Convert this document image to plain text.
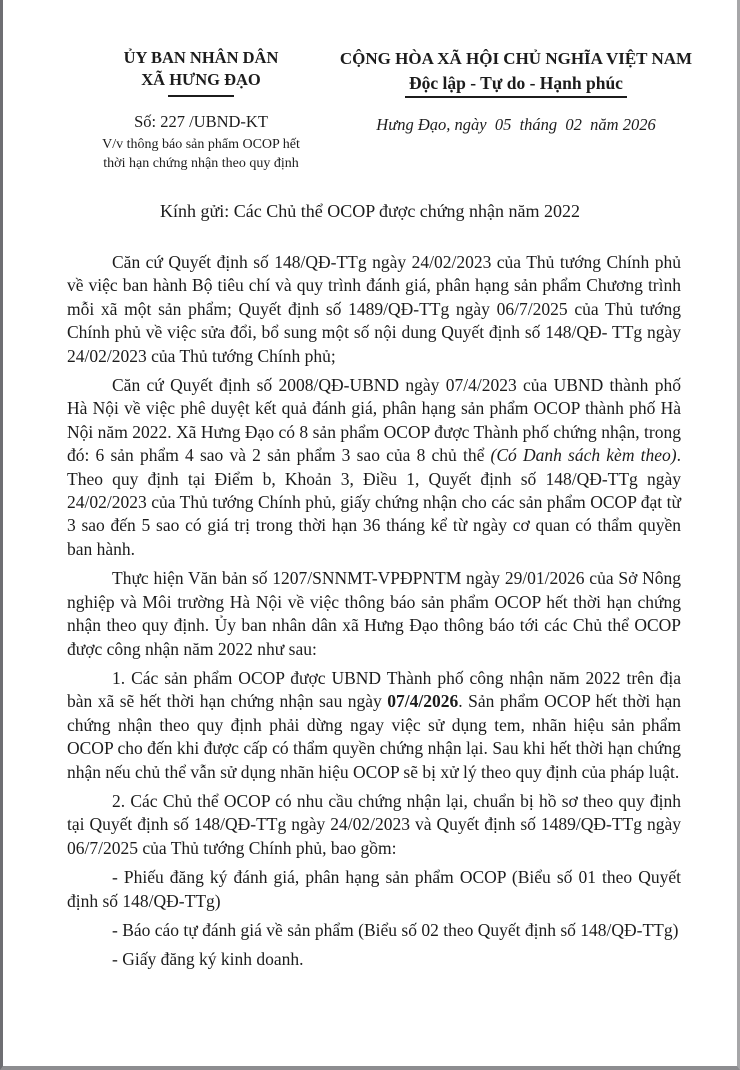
ỦY BAN NHÂN DÂN
XÃ HƯNG ĐẠO
Số: 227 /UBND-KT
V/v thông báo sản phẩm OCOP hết
thời hạn chứng nhận theo quy định
CỘNG HÒA XÃ HỘI CHỦ NGHĨA VIỆT NAM
Độc lập - Tự do - Hạnh phúc
Hưng Đạo, ngày  05  tháng  02  năm 2026
Kính gửi: Các Chủ thể OCOP được chứng nhận năm 2022

Căn cứ Quyết định số 148/QĐ-TTg ngày 24/02/2023 của Thủ tướng Chính phủ về việc ban hành Bộ tiêu chí và quy trình đánh giá, phân hạng sản phẩm Chương trình mỗi xã một sản phẩm; Quyết định số 1489/QĐ-TTg ngày 06/7/2025 của Thủ tướng Chính phủ về việc sửa đổi, bổ sung một số nội dung Quyết định số 148/QĐ- TTg ngày 24/02/2023 của Thủ tướng Chính phủ;

Căn cứ Quyết định số 2008/QĐ-UBND ngày 07/4/2023 của UBND thành phố Hà Nội về việc phê duyệt kết quả đánh giá, phân hạng sản phẩm OCOP thành phố Hà Nội năm 2022. Xã Hưng Đạo có 8 sản phẩm OCOP được Thành phố chứng nhận, trong đó: 6 sản phẩm 4 sao và 2 sản phẩm 3 sao của 8 chủ thể (Có Danh sách kèm theo). Theo quy định tại Điểm b, Khoản 3, Điều 1, Quyết định số 148/QĐ-TTg ngày 24/02/2023 của Thủ tướng Chính phủ, giấy chứng nhận cho các sản phẩm OCOP đạt từ 3 sao đến 5 sao có giá trị trong thời hạn 36 tháng kể từ ngày cơ quan có thẩm quyền ban hành.

Thực hiện Văn bản số 1207/SNNMT-VPĐPNTM ngày 29/01/2026 của Sở Nông nghiệp và Môi trường Hà Nội về việc thông báo sản phẩm OCOP hết thời hạn chứng nhận theo quy định. Ủy ban nhân dân xã Hưng Đạo thông báo tới các Chủ thể OCOP được công nhận năm 2022 như sau:

1. Các sản phẩm OCOP được UBND Thành phố công nhận năm 2022 trên địa bàn xã sẽ hết thời hạn chứng nhận sau ngày 07/4/2026. Sản phẩm OCOP hết thời hạn chứng nhận theo quy định phải dừng ngay việc sử dụng tem, nhãn hiệu sản phẩm OCOP cho đến khi được cấp có thẩm quyền chứng nhận lại. Sau khi hết thời hạn chứng nhận nếu chủ thể vẫn sử dụng nhãn hiệu OCOP sẽ bị xử lý theo quy định của pháp luật.

2. Các Chủ thể OCOP có nhu cầu chứng nhận lại, chuẩn bị hồ sơ theo quy định tại Quyết định số 148/QĐ-TTg ngày 24/02/2023 và Quyết định số 1489/QĐ-TTg ngày 06/7/2025 của Thủ tướng Chính phủ, bao gồm:

- Phiếu đăng ký đánh giá, phân hạng sản phẩm OCOP (Biểu số 01 theo Quyết định số 148/QĐ-TTg)

- Báo cáo tự đánh giá về sản phẩm (Biểu số 02 theo Quyết định số 148/QĐ-TTg)

- Giấy đăng ký kinh doanh.
